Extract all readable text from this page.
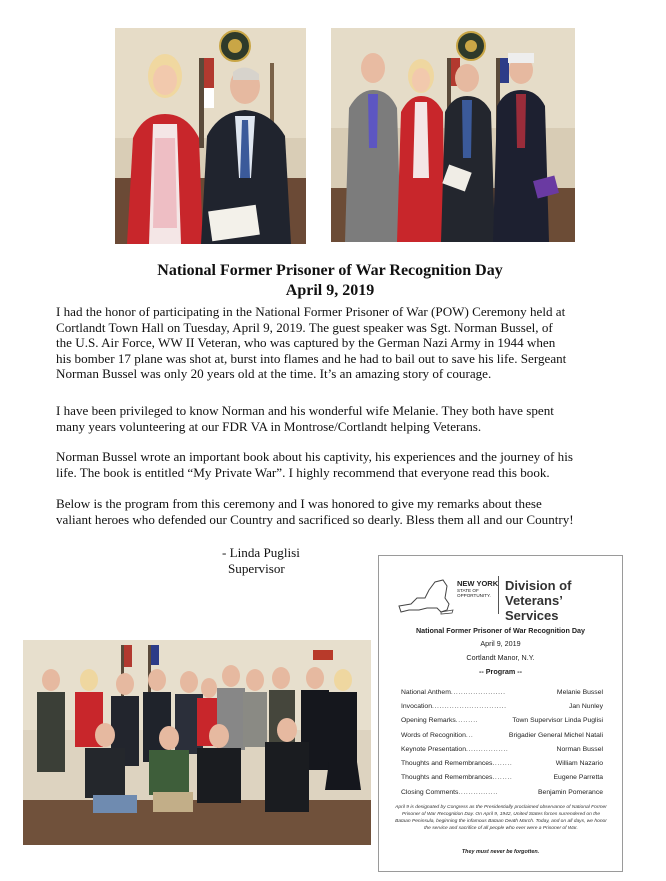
National Former Prisoner of War Recognition Day
April 9, 2019
I had the honor of participating in the National Former Prisoner of War (POW) Ceremony held at
Cortlandt Town Hall on Tuesday, April 9, 2019. The guest speaker was Sgt. Norman Bussel, of
the U.S. Air Force, WW II Veteran, who was captured by the German Nazi Army in 1944 when
his bomber 17 plane was shot at, burst into flames and he had to bail out to save his life. Sergeant
Norman Bussel was only 20 years old at the time. It’s an amazing story of courage.
I have been privileged to know Norman and his wonderful wife Melanie. They both have spent
many years volunteering at our FDR VA in Montrose/Cortlandt helping Veterans.
Norman Bussel wrote an important book about his captivity, his experiences and the journey of his
life. The book is entitled “My Private War”. I highly recommend that everyone read this book.
Below is the program from this ceremony and I was honored to give my remarks about these
valiant heroes who defended our Country and sacrificed so dearly. Bless them all and our Country!
- Linda Puglisi
Supervisor
NEW YORK
STATE OF
OPPORTUNITY.
Division of
Veterans’ Services
National Former Prisoner of War Recognition Day
April 9, 2019
Cortlandt Manor, N.Y.
-- Program --
National Anthem ......................	Melanie Bussel
Invocation ..............................	Jan Nunley
Opening Remarks .........	Town Supervisor Linda Puglisi
Words of Recognition ...	Brigadier General Michel Natali
Keynote Presentation .................	Norman Bussel
Thoughts and Remembrances ........	William Nazario
Thoughts and Remembrances ........	Eugene Parretta
Closing Comments ................	Benjamin Pomerance
April 9 is designated by Congress as the Presidentially proclaimed observance of National Former Prisoner of War Recognition Day. On April 9, 1942, United States forces surrendered on the Bataan Peninsula, beginning the infamous Bataan Death March. Today, and on all days, we honor the service and sacrifice of all people who ever were a Prisoner of War.
They must never be forgotten.
